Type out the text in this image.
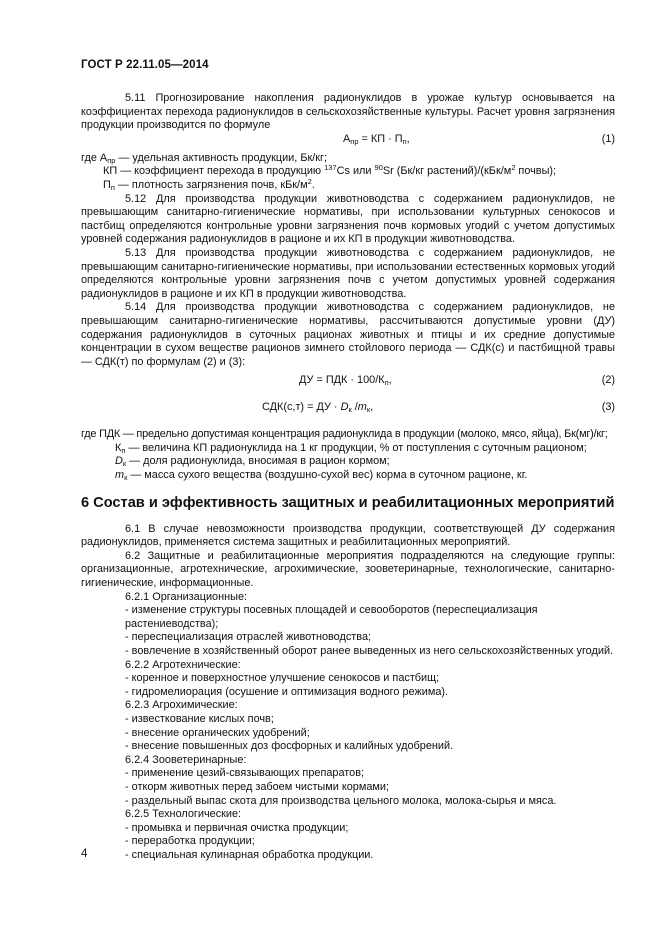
ГОСТ Р 22.11.05—2014

5.11 Прогнозирование накопления радионуклидов в урожае культур основывается на коэффициентах перехода радионуклидов в сельскохозяйственные культуры. Расчет уровня загрязнения продукции производится по формуле

Апр = КП · Пп,	(1)
где Апр — удельная активность продукции, Бк/кг;
КП — коэффициент перехода в продукцию $^{137}$Cs или $^{90}$Sr (Бк/кг $растений)/(кБк/м^2$ почвы);
Пп — плотность загрязнения почв, кБк/$м^2$.

5.12 Для производства продукции животноводства с содержанием радионуклидов, не превышающим санитарно-гигиенические нормативы, при использовании культурных сенокосов и пастбищ определяются контрольные уровни загрязнения почв кормовых угодий с учетом допустимых уровней содержания радионуклидов в рационе и их КП в продукции животноводства.

5.13 Для производства продукции животноводства с содержанием радионуклидов, не превышающим санитарно-гигиенические нормативы, при использовании естественных кормовых угодий определяются контрольные уровни загрязнения почв с учетом допустимых уровней содержания радионуклидов в рационе и их КП в продукции животноводства.

5.14 Для производства продукции животноводства с содержанием радионуклидов, не превышающим санитарно-гигиенические нормативы, рассчитываются допустимые уровни (ДУ) содержания радионуклидов в суточных рационах животных и птицы и их средние допустимые концентрации в сухом веществе рационов зимнего стойлового периода — СДК(с) и пастбищной травы — СДК(т) по формулам (2) и (3):

ДУ = ПДК · 100/Кп,	(2)
СДК(с,т) = ДУ · Dк /mк,	(3)
где ПДК — предельно допустимая концентрация радионуклида в продукции (молоко, мясо, яйца), Бк(мг)/кг;
Кп — величина КП радионуклида на 1 кг продукции, % от поступления с суточным рационом;
Dк — доля радионуклида, вносимая в рацион кормом;
mк — масса сухого вещества (воздушно-сухой вес) корма в суточном рационе, кг.
6 Состав и эффективность защитных и реабилитационных мероприятий

6.1 В случае невозможности производства продукции, соответствующей ДУ содержания радионуклидов, применяется система защитных и реабилитационных мероприятий.

6.2 Защитные и реабилитационные мероприятия подразделяются на следующие группы: организационные, агротехнические, агрохимические, зооветеринарные, технологические, санитарно-гигиенические, информационные.

6.2.1 Организационные:
- изменение структуры посевных площадей и севооборотов (переспециализация растениеводства);
- переспециализация отраслей животноводства;
- вовлечение в хозяйственный оборот ранее выведенных из него сельскохозяйственных угодий.
6.2.2 Агротехнические:
- коренное и поверхностное улучшение сенокосов и пастбищ;
- гидромелиорация (осушение и оптимизация водного режима).
6.2.3 Агрохимические:
- известкование кислых почв;
- внесение органических удобрений;
- внесение повышенных доз фосфорных и калийных удобрений.
6.2.4 Зооветеринарные:
- применение цезий-связывающих препаратов;
- откорм животных перед забоем чистыми кормами;
- раздельный выпас скота для производства цельного молока, молока-сырья и мяса.
6.2.5 Технологические:
- промывка и первичная очистка продукции;
- переработка продукции;
- специальная кулинарная обработка продукции.
4
